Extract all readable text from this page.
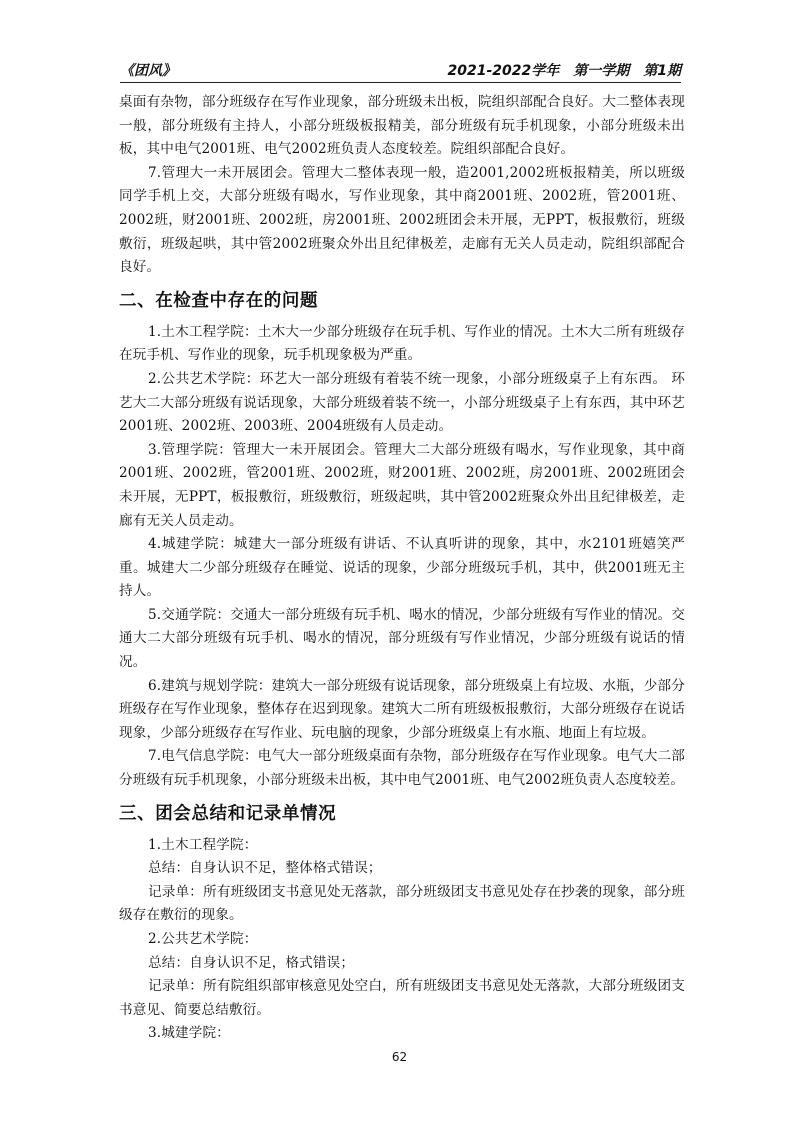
《团风》	2021-2022学年　第一学期　第1期

桌面有杂物，部分班级存在写作业现象，部分班级未出板，院组织部配合良好。大二整体表现一般，部分班级有主持人，小部分班级板报精美，部分班级有玩手机现象，小部分班级未出板，其中电气2001班、电气2002班负责人态度较差。院组织部配合良好。

7.管理大一未开展团会。管理大二整体表现一般，造2001,2002班板报精美，所以班级同学手机上交，大部分班级有喝水，写作业现象，其中商2001班、2002班，管2001班、2002班，财2001班、2002班，房2001班、2002班团会未开展，无PPT，板报敷衍，班级敷衍，班级起哄，其中管2002班聚众外出且纪律极差，走廊有无关人员走动，院组织部配合良好。

二、在检查中存在的问题

1.土木工程学院：土木大一少部分班级存在玩手机、写作业的情况。土木大二所有班级存在玩手机、写作业的现象，玩手机现象极为严重。

2.公共艺术学院：环艺大一部分班级有着装不统一现象，小部分班级桌子上有东西。 环艺大二大部分班级有说话现象，大部分班级着装不统一，小部分班级桌子上有东西，其中环艺2001班、2002班、2003班、2004班级有人员走动。

3.管理学院：管理大一未开展团会。管理大二大部分班级有喝水，写作业现象，其中商2001班、2002班，管2001班、2002班，财2001班、2002班，房2001班、2002班团会未开展，无PPT，板报敷衍，班级敷衍，班级起哄，其中管2002班聚众外出且纪律极差，走廊有无关人员走动。

4.城建学院：城建大一部分班级有讲话、不认真听讲的现象，其中，水2101班嬉笑严重。城建大二少部分班级存在睡觉、说话的现象，少部分班级玩手机，其中，供2001班无主持人。

5.交通学院：交通大一部分班级有玩手机、喝水的情况，少部分班级有写作业的情况。交通大二大部分班级有玩手机、喝水的情况，部分班级有写作业情况，少部分班级有说话的情况。

6.建筑与规划学院：建筑大一部分班级有说话现象，部分班级桌上有垃圾、水瓶，少部分班级存在写作业现象，整体存在迟到现象。建筑大二所有班级板报敷衍，大部分班级存在说话现象，少部分班级存在写作业、玩电脑的现象，少部分班级桌上有水瓶、地面上有垃圾。

7.电气信息学院：电气大一部分班级桌面有杂物，部分班级存在写作业现象。电气大二部分班级有玩手机现象，小部分班级未出板，其中电气2001班、电气2002班负责人态度较差。

三、团会总结和记录单情况

1.土木工程学院：

总结：自身认识不足，整体格式错误；

记录单：所有班级团支书意见处无落款，部分班级团支书意见处存在抄袭的现象，部分班级存在敷衍的现象。

2.公共艺术学院：

总结：自身认识不足，格式错误；

记录单：所有院组织部审核意见处空白，所有班级团支书意见处无落款，大部分班级团支书意见、简要总结敷衍。

3.城建学院：

62
